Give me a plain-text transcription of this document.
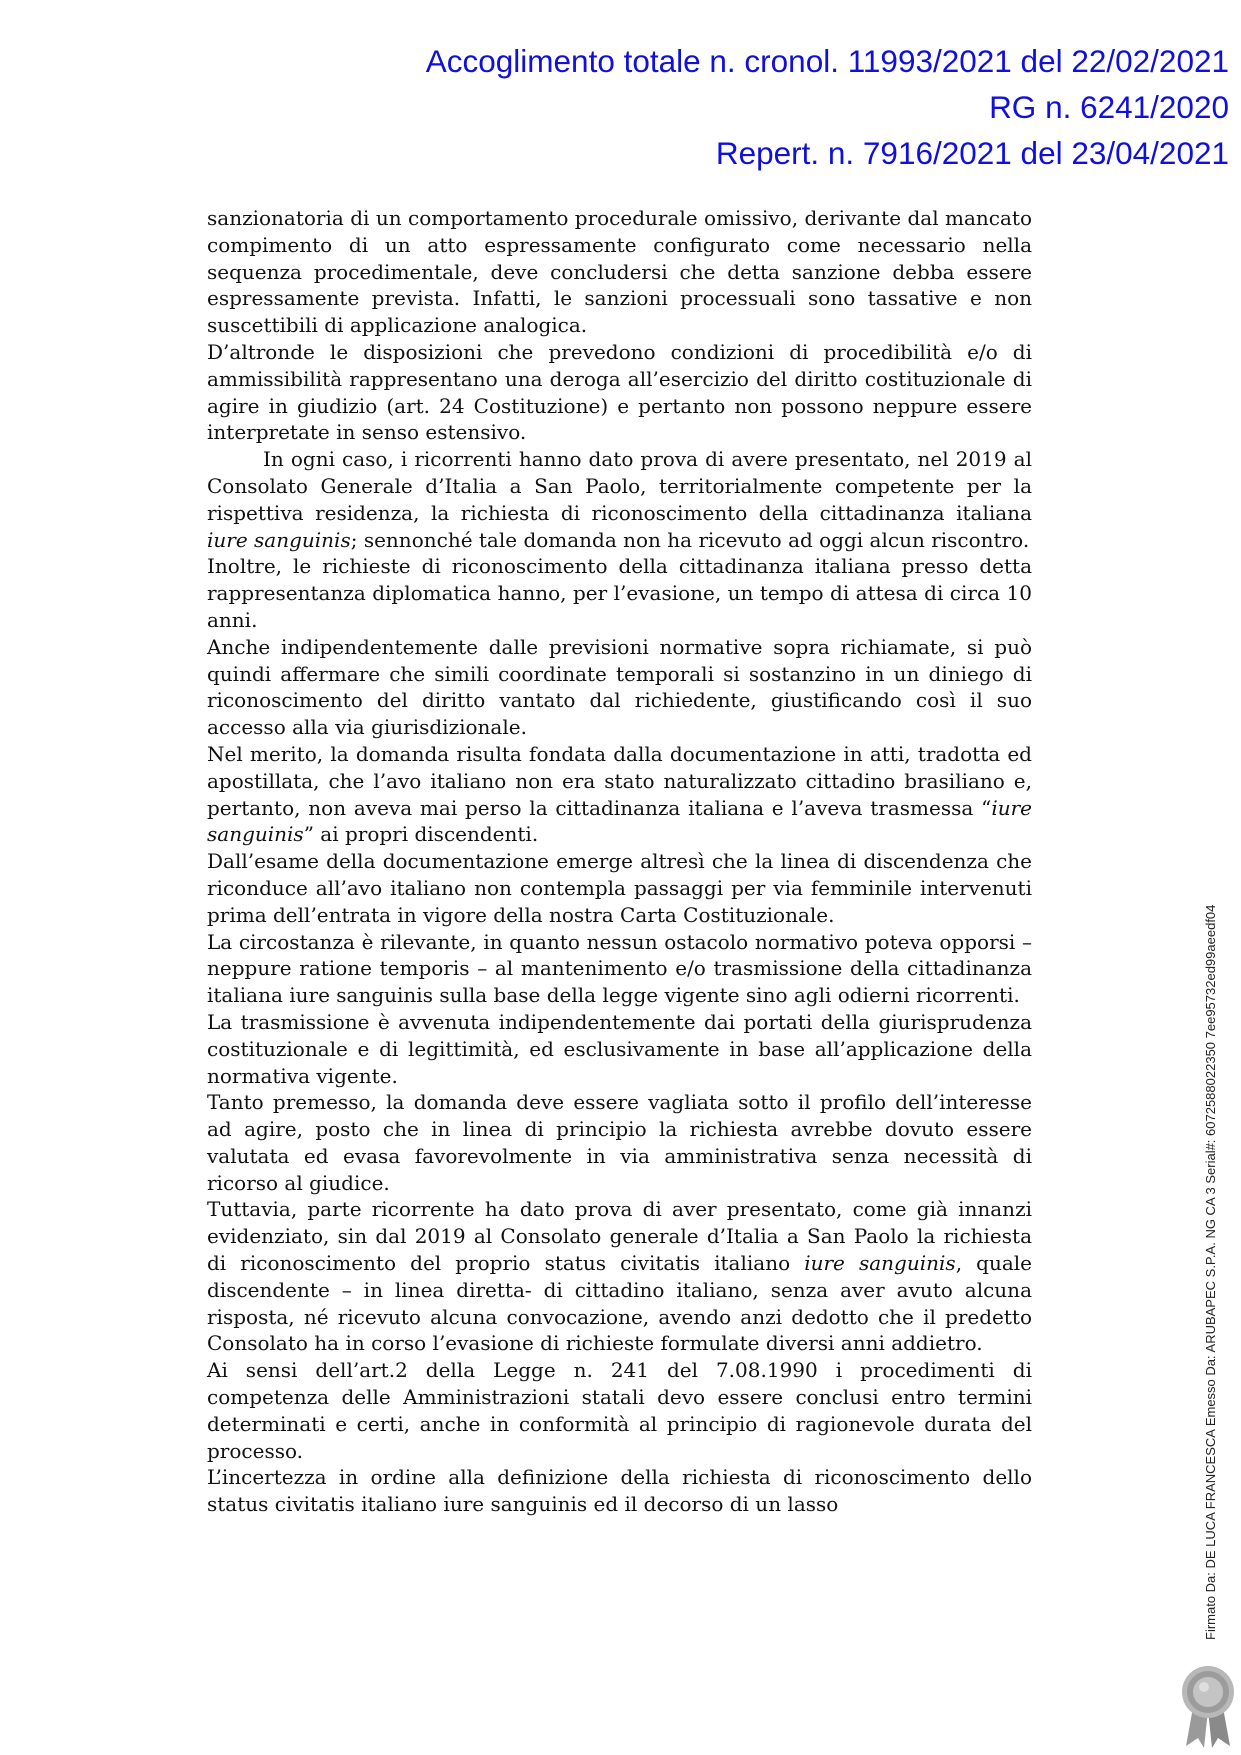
Accoglimento totale n. cronol. 11993/2021 del 22/02/2021
RG n. 6241/2020
Repert. n. 7916/2021 del 23/04/2021

sanzionatoria di un comportamento procedurale omissivo, derivante dal mancato compimento di un atto espressamente configurato come necessario nella sequenza procedimentale, deve concludersi che detta sanzione debba essere espressamente prevista. Infatti, le sanzioni processuali sono tassative e non suscettibili di applicazione analogica.

D’altronde le disposizioni che prevedono condizioni di procedibilità e/o di ammissibilità rappresentano una deroga all’esercizio del diritto costituzionale di agire in giudizio (art. 24 Costituzione) e pertanto non possono neppure essere interpretate in senso estensivo.

In ogni caso, i ricorrenti hanno dato prova di avere presentato, nel 2019 al Consolato Generale d’Italia a San Paolo, territorialmente competente per la rispettiva residenza, la richiesta di riconoscimento della cittadinanza italiana iure sanguinis; sennonché tale domanda non ha ricevuto ad oggi alcun riscontro.

Inoltre, le richieste di riconoscimento della cittadinanza italiana presso detta rappresentanza diplomatica hanno, per l’evasione, un tempo di attesa di circa 10 anni.

Anche indipendentemente dalle previsioni normative sopra richiamate, si può quindi affermare che simili coordinate temporali si sostanzino in un diniego di riconoscimento del diritto vantato dal richiedente, giustificando così il suo accesso alla via giurisdizionale.

Nel merito, la domanda risulta fondata dalla documentazione in atti, tradotta ed apostillata, che l’avo italiano non era stato naturalizzato cittadino brasiliano e, pertanto, non aveva mai perso la cittadinanza italiana e l’aveva trasmessa “iure sanguinis” ai propri discendenti.

Dall’esame della documentazione emerge altresì che la linea di discendenza che riconduce all’avo italiano non contempla passaggi per via femminile intervenuti prima dell’entrata in vigore della nostra Carta Costituzionale.

La circostanza è rilevante, in quanto nessun ostacolo normativo poteva opporsi – neppure ratione temporis – al mantenimento e/o trasmissione della cittadinanza italiana iure sanguinis sulla base della legge vigente sino agli odierni ricorrenti.

La trasmissione è avvenuta indipendentemente dai portati della giurisprudenza costituzionale e di legittimità, ed esclusivamente in base all’applicazione della normativa vigente.

Tanto premesso, la domanda deve essere vagliata sotto il profilo dell’interesse ad agire, posto che in linea di principio la richiesta avrebbe dovuto essere valutata ed evasa favorevolmente in via amministrativa senza necessità di ricorso al giudice.

Tuttavia, parte ricorrente ha dato prova di aver presentato, come già innanzi evidenziato, sin dal 2019 al Consolato generale d’Italia a San Paolo la richiesta di riconoscimento del proprio status civitatis italiano iure sanguinis, quale discendente – in linea diretta- di cittadino italiano, senza aver avuto alcuna risposta, né ricevuto alcuna convocazione, avendo anzi dedotto che il predetto Consolato ha in corso l’evasione di richieste formulate diversi anni addietro.

Ai sensi dell’art.2 della Legge n. 241 del 7.08.1990 i procedimenti di competenza delle Amministrazioni statali devo essere conclusi entro termini determinati e certi, anche in conformità al principio di ragionevole durata del processo.

L’incertezza in ordine alla definizione della richiesta di riconoscimento dello status civitatis italiano iure sanguinis ed il decorso di un lasso	Firmato Da: DE LUCA FRANCESCA Emesso Da: ARUBAPEC S.P.A. NG CA 3 Serial#: 6072588022350 7ee95732ed99aeedf04
